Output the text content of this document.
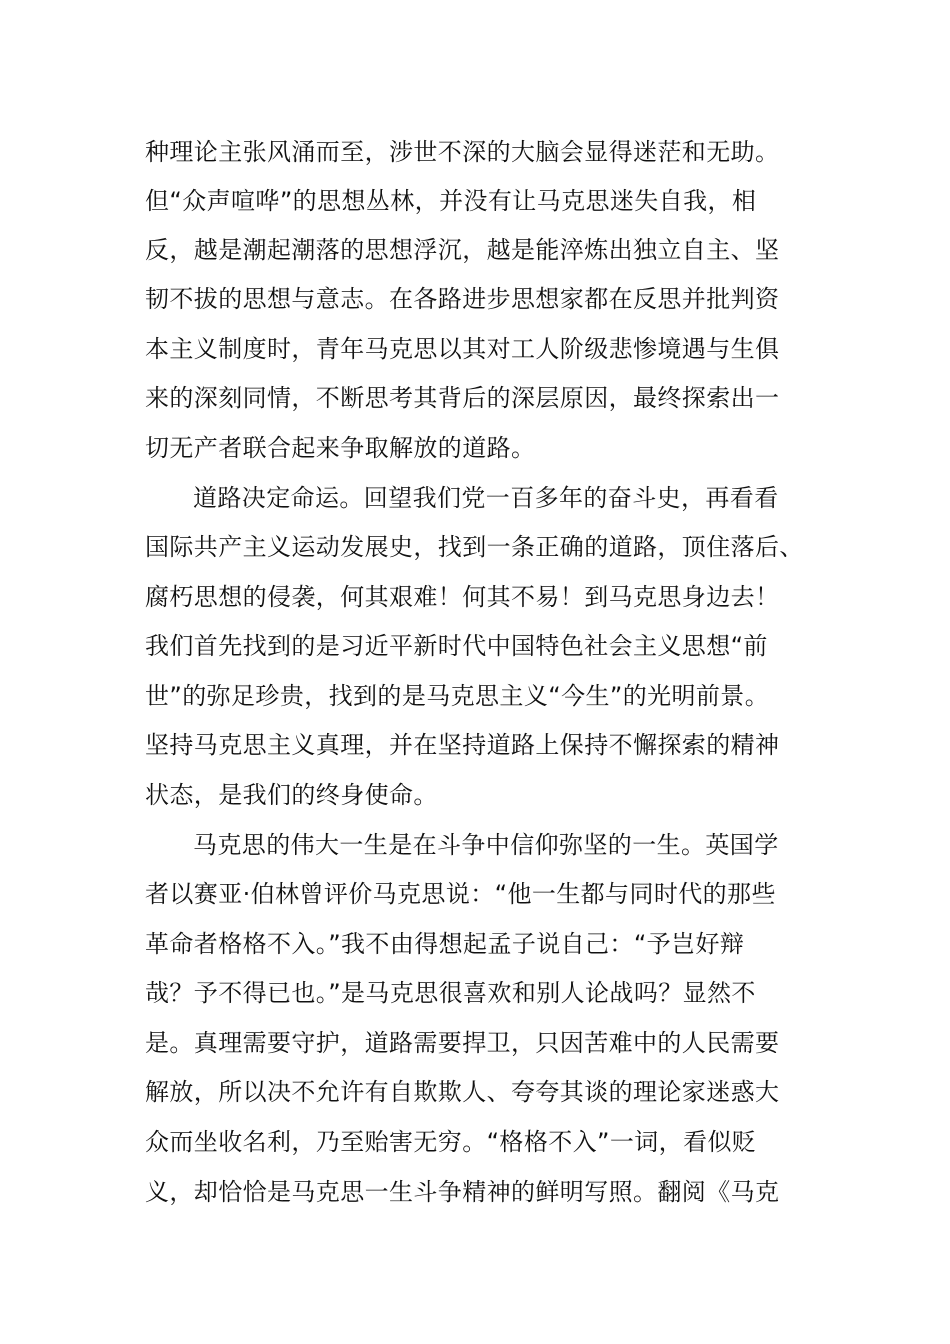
种理论主张风涌而至，涉世不深的大脑会显得迷茫和无助。
但“众声喧哗”的思想丛林，并没有让马克思迷失自我，相
反，越是潮起潮落的思想浮沉，越是能淬炼出独立自主、坚
韧不拔的思想与意志。在各路进步思想家都在反思并批判资
本主义制度时，青年马克思以其对工人阶级悲惨境遇与生俱
来的深刻同情，不断思考其背后的深层原因，最终探索出一
切无产者联合起来争取解放的道路。
道路决定命运。回望我们党一百多年的奋斗史，再看看
国际共产主义运动发展史，找到一条正确的道路，顶住落后、
腐朽思想的侵袭，何其艰难！何其不易！到马克思身边去！
我们首先找到的是习近平新时代中国特色社会主义思想“前
世”的弥足珍贵，找到的是马克思主义“今生”的光明前景。
坚持马克思主义真理，并在坚持道路上保持不懈探索的精神
状态，是我们的终身使命。
马克思的伟大一生是在斗争中信仰弥坚的一生。英国学
者以赛亚·伯林曾评价马克思说：“他一生都与同时代的那些
革命者格格不入。”我不由得想起孟子说自己：“予岂好辩
哉？予不得已也。”是马克思很喜欢和别人论战吗？显然不
是。真理需要守护，道路需要捍卫，只因苦难中的人民需要
解放，所以决不允许有自欺欺人、夸夸其谈的理论家迷惑大
众而坐收名利，乃至贻害无穷。“格格不入”一词，看似贬
义，却恰恰是马克思一生斗争精神的鲜明写照。翻阅《马克
